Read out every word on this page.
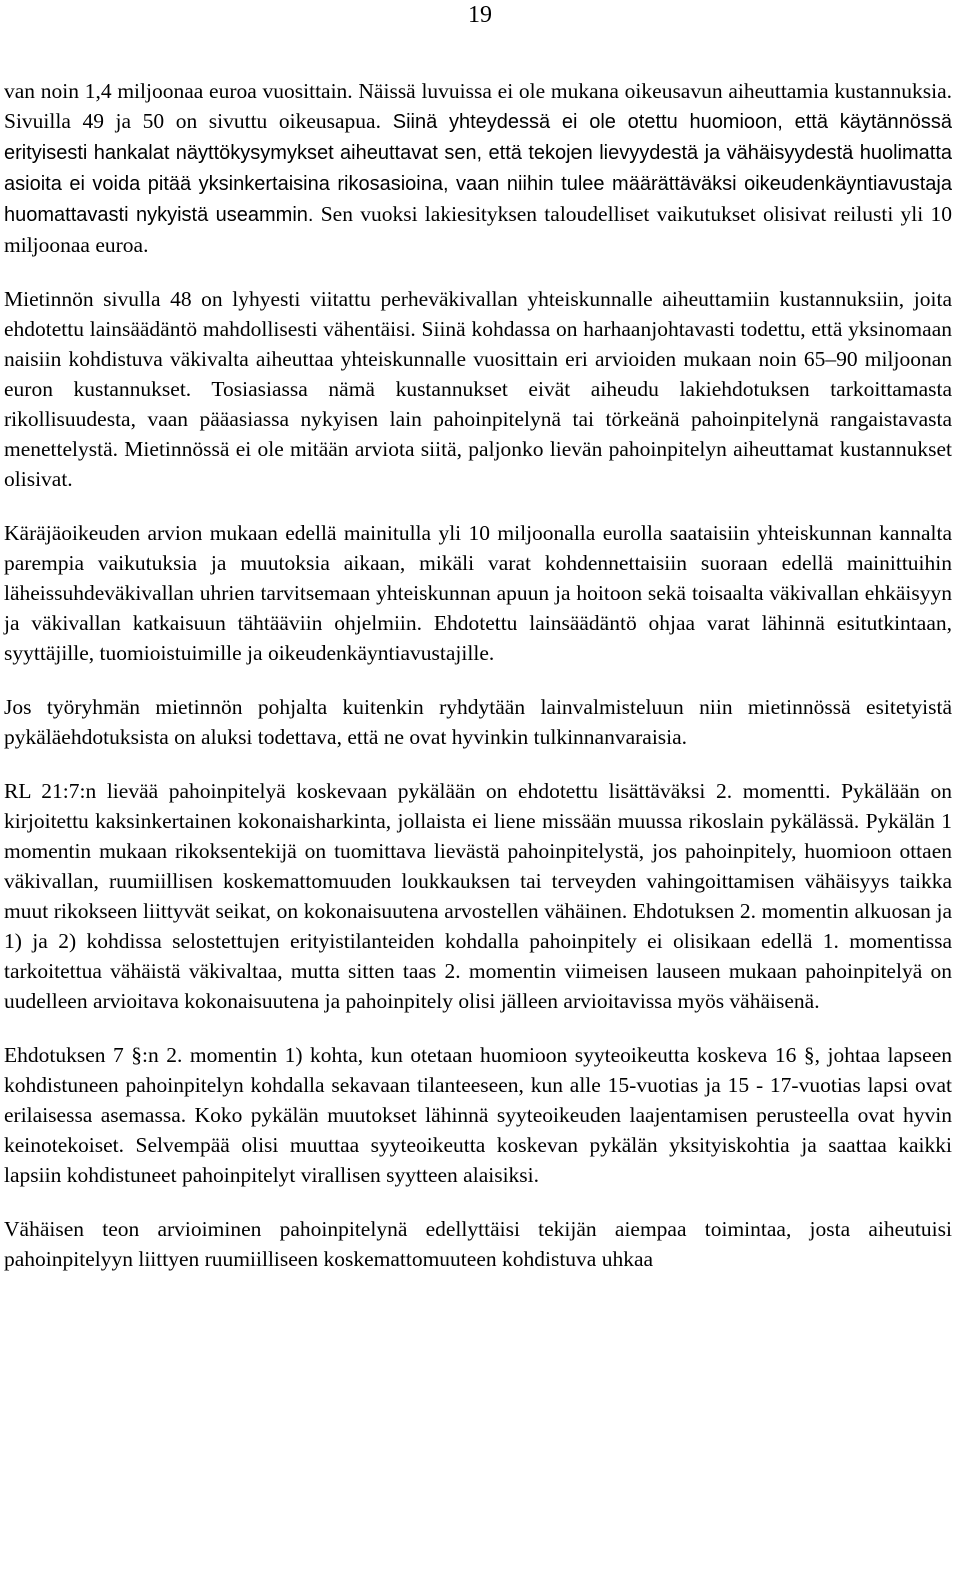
19

van noin 1,4 miljoonaa euroa vuosittain. Näissä luvuissa ei ole mukana oikeusavun aiheuttamia kustannuksia. Sivuilla 49 ja 50 on sivuttu oikeusapua. Siinä yhteydessä ei ole otettu huomioon, että käytännössä erityisesti hankalat näyttökysymykset aiheuttavat sen, että tekojen lievyydestä ja vähäisyydestä huolimatta asioita ei voida pitää yksinkertaisina rikosasioina, vaan niihin tulee määrättäväksi oikeudenkäyntiavustaja huomattavasti nykyistä useammin. Sen vuoksi lakiesityksen taloudelliset vaikutukset olisivat reilusti yli 10 miljoonaa euroa.

Mietinnön sivulla 48 on lyhyesti viitattu perheväkivallan yhteiskunnalle aiheuttamiin kustannuksiin, joita ehdotettu lainsäädäntö mahdollisesti vähentäisi. Siinä kohdassa on harhaanjohtavasti todettu, että yksinomaan naisiin kohdistuva väkivalta aiheuttaa yhteiskunnalle vuosittain eri arvioiden mukaan noin 65–90 miljoonan euron kustannukset. Tosiasiassa nämä kustannukset eivät aiheudu lakiehdotuksen tarkoittamasta rikollisuudesta, vaan pääasiassa nykyisen lain pahoinpitelynä tai törkeänä pahoinpitelynä rangaistavasta menettelystä. Mietinnössä ei ole mitään arviota siitä, paljonko lievän pahoinpitelyn aiheuttamat kustannukset olisivat.

Käräjäoikeuden arvion mukaan edellä mainitulla yli 10 miljoonalla eurolla saataisiin yhteiskunnan kannalta parempia vaikutuksia ja muutoksia aikaan, mikäli varat kohdennettaisiin suoraan edellä mainittuihin läheissuhdeväkivallan uhrien tarvitsemaan yhteiskunnan apuun ja hoitoon sekä toisaalta väkivallan ehkäisyyn ja väkivallan katkaisuun tähtääviin ohjelmiin. Ehdotettu lainsäädäntö ohjaa varat lähinnä esitutkintaan, syyttäjille, tuomioistuimille ja oikeudenkäyntiavustajille.

Jos työryhmän mietinnön pohjalta kuitenkin ryhdytään lainvalmisteluun niin mietinnössä esitetyistä pykäläehdotuksista on aluksi todettava, että ne ovat hyvinkin tulkinnanvaraisia.

RL 21:7:n lievää pahoinpitelyä koskevaan pykälään on ehdotettu lisättäväksi 2. momentti. Pykälään on kirjoitettu kaksinkertainen kokonaisharkinta, jollaista ei liene missään muussa rikoslain pykälässä. Pykälän 1 momentin mukaan rikoksentekijä on tuomittava lievästä pahoinpitelystä, jos pahoinpitely, huomioon ottaen väkivallan, ruumiillisen koskemattomuuden loukkauksen tai terveyden vahingoittamisen vähäisyys taikka muut rikokseen liittyvät seikat, on kokonaisuutena arvostellen vähäinen. Ehdotuksen 2. momentin alkuosan ja 1) ja 2) kohdissa selostettujen erityistilanteiden kohdalla pahoinpitely ei olisikaan edellä 1. momentissa tarkoitettua vähäistä väkivaltaa, mutta sitten taas 2. momentin viimeisen lauseen mukaan pahoinpitelyä on uudelleen arvioitava kokonaisuutena ja pahoinpitely olisi jälleen arvioitavissa myös vähäisenä.

Ehdotuksen 7 §:n 2. momentin 1) kohta, kun otetaan huomioon syyteoikeutta koskeva 16 §, johtaa lapseen kohdistuneen pahoinpitelyn kohdalla sekavaan tilanteeseen, kun alle 15-vuotias ja 15 - 17-vuotias lapsi ovat erilaisessa asemassa. Koko pykälän muutokset lähinnä syyteoikeuden laajentamisen perusteella ovat hyvin keinotekoiset. Selvempää olisi muuttaa syyteoikeutta koskevan pykälän yksityiskohtia ja saattaa kaikki lapsiin kohdistuneet pahoinpitelyt virallisen syytteen alaisiksi.

Vähäisen teon arvioiminen pahoinpitelynä edellyttäisi tekijän aiempaa toimintaa, josta aiheutuisi pahoinpitelyyn liittyen ruumiilliseen koskemattomuuteen kohdistuva uhkaa
